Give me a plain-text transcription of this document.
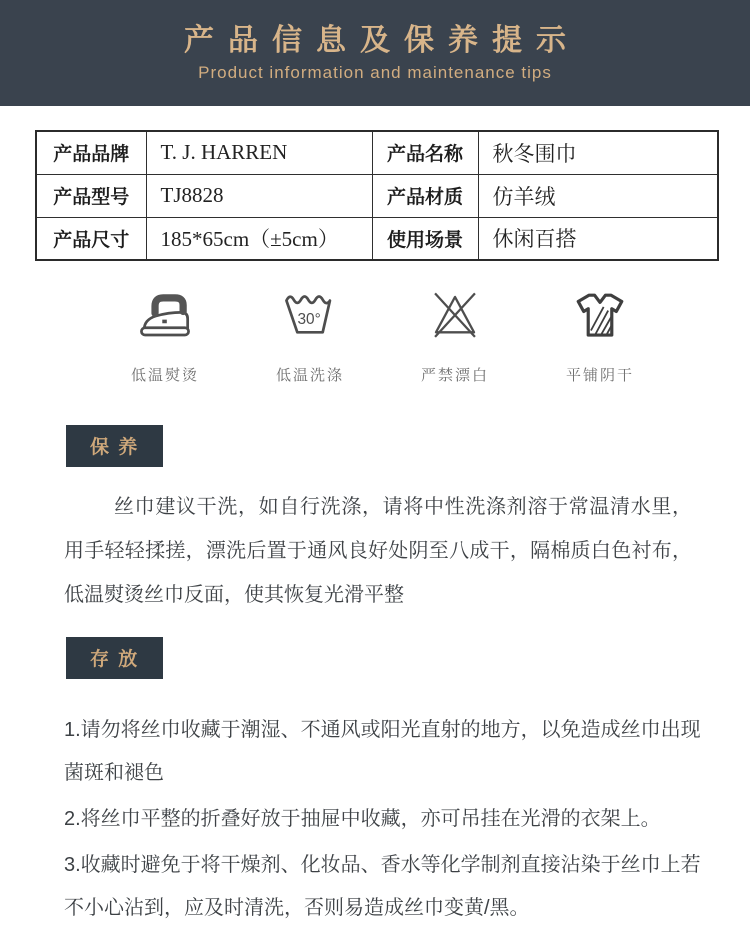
产品信息及保养提示
Product information and maintenance tips
产品品牌	T. J. HARREN	产品名称	秋冬围巾
产品型号	TJ8828	产品材质	仿羊绒
产品尺寸	185*65cm（±5cm）	使用场景	休闲百搭
低温熨烫
30°
低温洗涤	严禁漂白	平铺阴干
保 养

丝巾建议干洗，如自行洗涤，请将中性洗涤剂溶于常温清水里，用手轻轻揉搓，漂洗后置于通风良好处阴至八成干，隔棉质白色衬布，低温熨烫丝巾反面，使其恢复光滑平整

存 放
1.请勿将丝巾收藏于潮湿、不通风或阳光直射的地方，以免造成丝巾出现菌斑和褪色
2.将丝巾平整的折叠好放于抽屉中收藏，亦可吊挂在光滑的衣架上。
3.收藏时避免于将干燥剂、化妆品、香水等化学制剂直接沾染于丝巾上若不小心沾到，应及时清洗，否则易造成丝巾变黄/黑。
